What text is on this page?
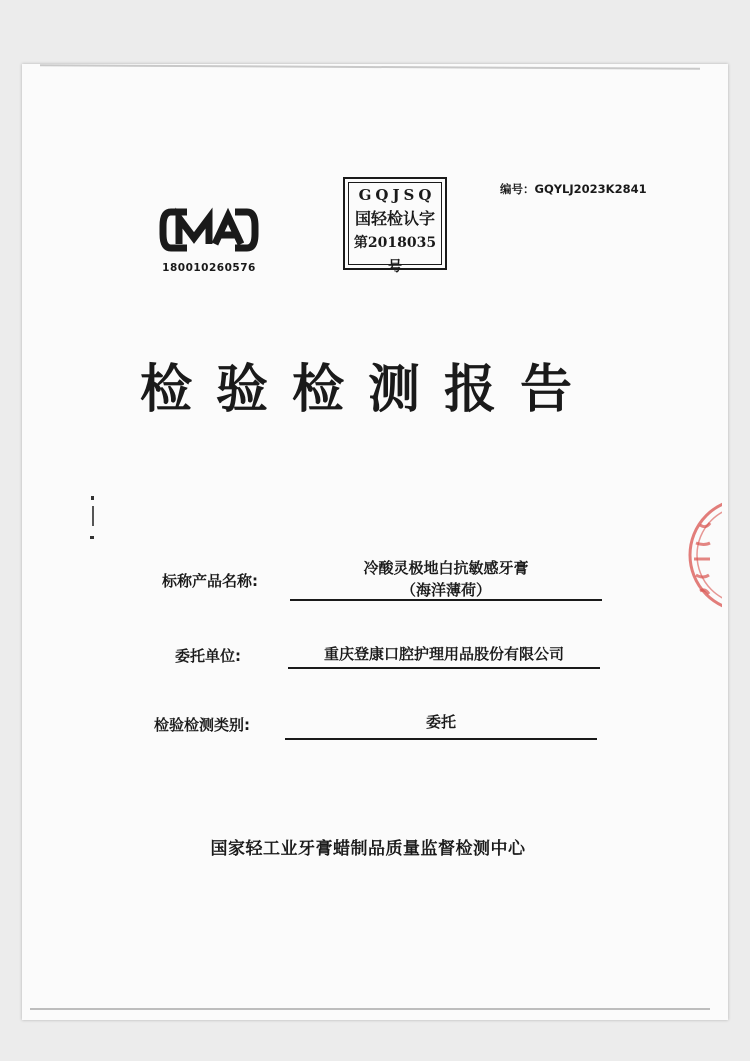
180010260576
GQJSQ
国轻检认字
第2018035号
编号：GQYLJ2023K2841
检验检测报告
标称产品名称:
冷酸灵极地白抗敏感牙膏
（海洋薄荷）
委托单位:	重庆登康口腔护理用品股份有限公司
检验检测类别:	委托
国家轻工业牙膏蜡制品质量监督检测中心
